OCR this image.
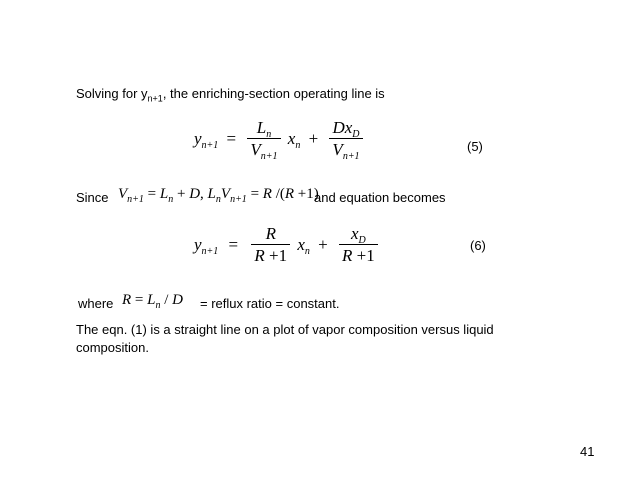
Solving for $y_{n+1}$, the enriching-section operating line is
$y_{n+1} = \frac{L_n}{V_{n+1}} x_n + \frac{Dx_D}{V_{n+1}}$	(5)
Since $V_{n+1} = L_n + D$, $L_nV_{n+1} = R$ /(R +1)
and equation becomes
$y_{n+1} = \frac{R}{R +1} x_n + \frac{x_D}{R +1}$	(6)
where $R = L_n / D$ = reflux ratio = constant.
The eqn. (1) is a straight line on a plot of vapor composition versus liquid
composition.
41
